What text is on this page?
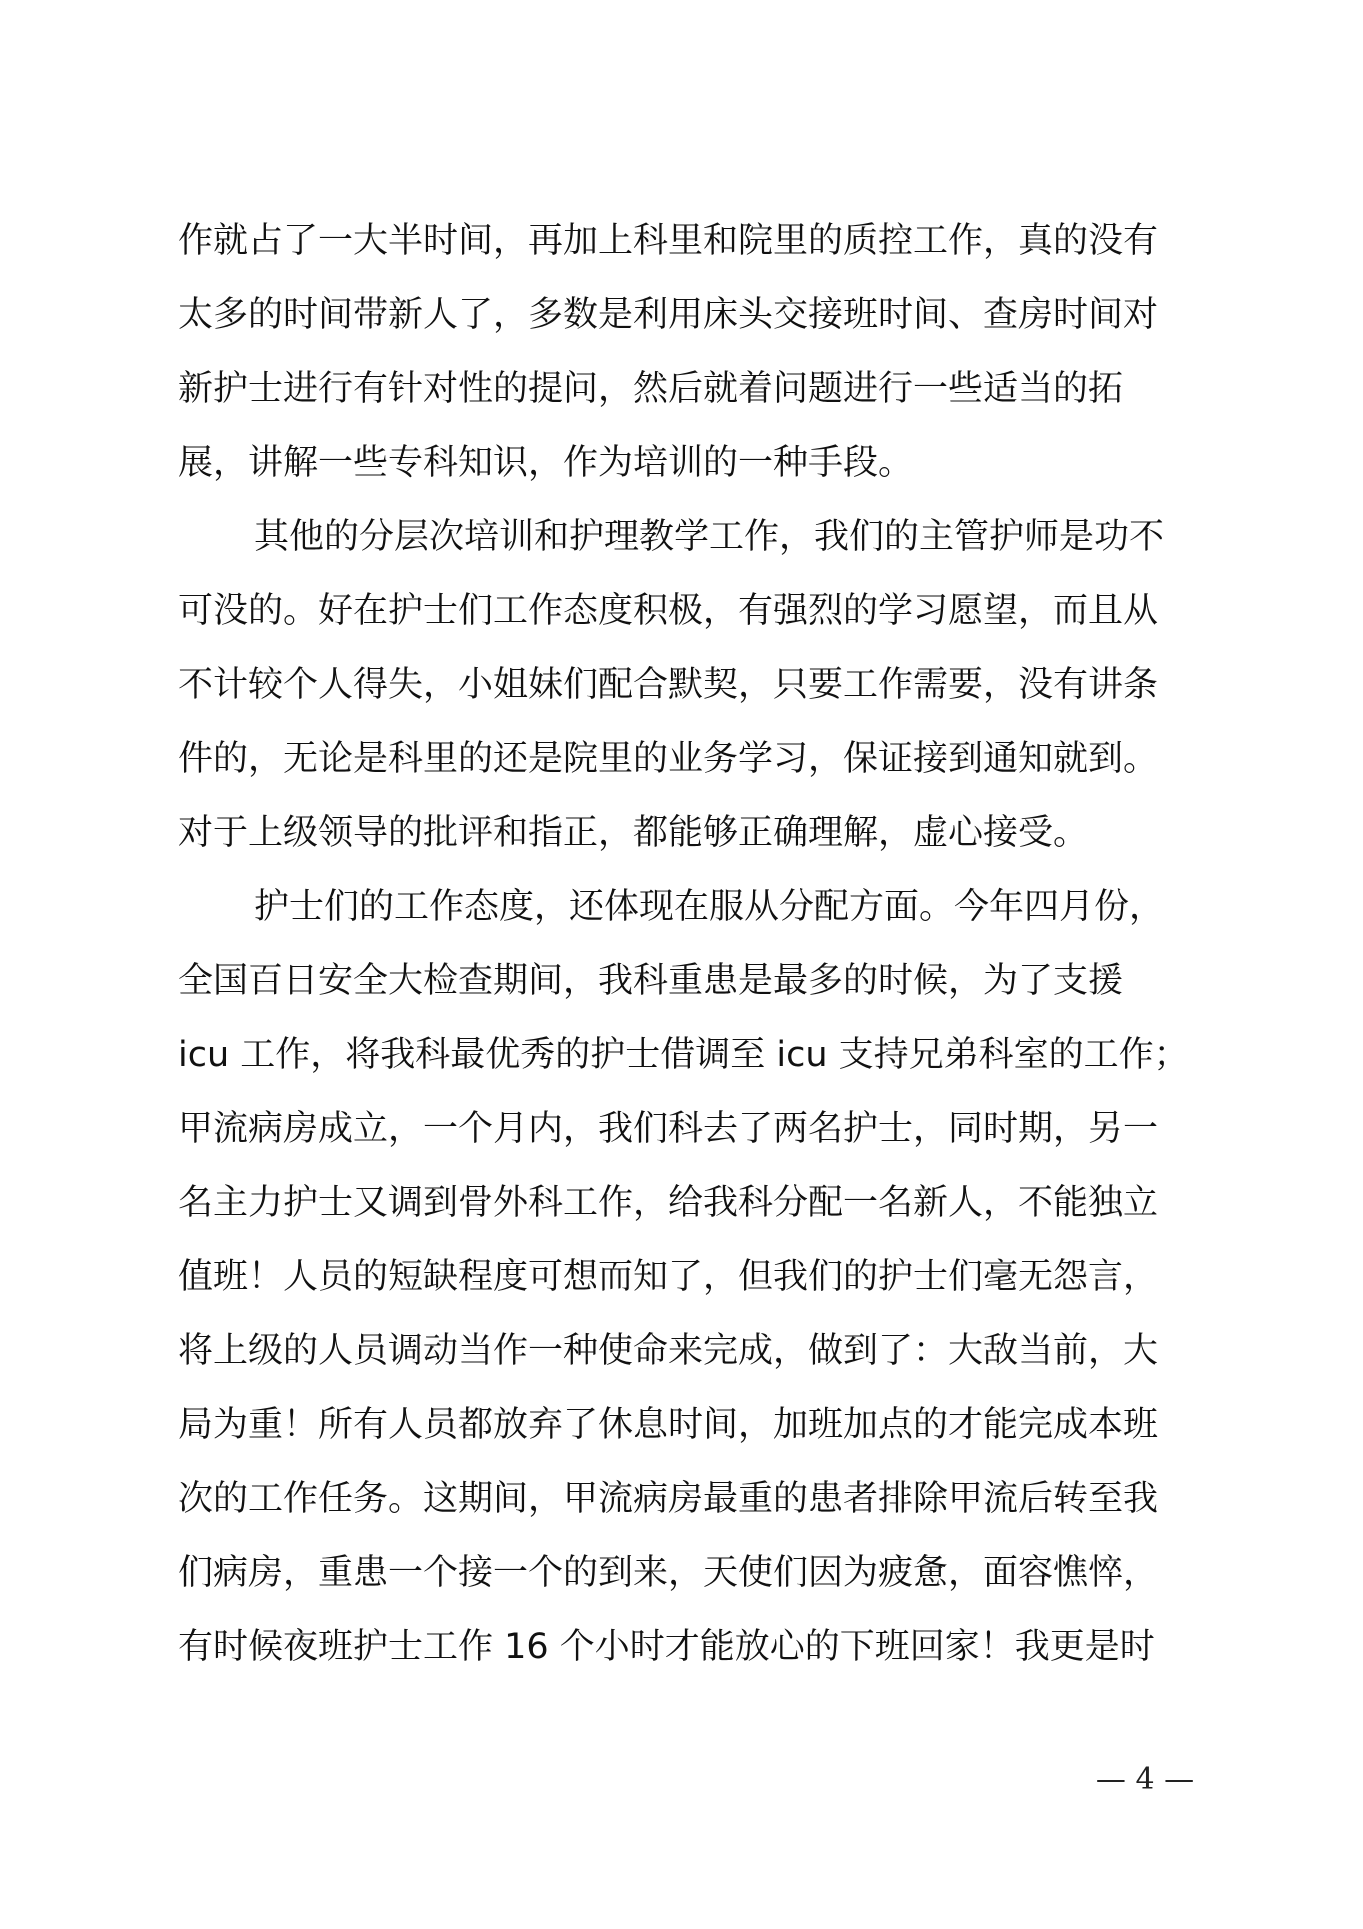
作就占了一大半时间，再加上科里和院里的质控工作，真的没有
太多的时间带新人了，多数是利用床头交接班时间、查房时间对
新护士进行有针对性的提问，然后就着问题进行一些适当的拓
展，讲解一些专科知识，作为培训的一种手段。
其他的分层次培训和护理教学工作，我们的主管护师是功不
可没的。好在护士们工作态度积极，有强烈的学习愿望，而且从
不计较个人得失，小姐妹们配合默契，只要工作需要，没有讲条
件的，无论是科里的还是院里的业务学习，保证接到通知就到。
对于上级领导的批评和指正，都能够正确理解，虚心接受。
护士们的工作态度，还体现在服从分配方面。今年四月份，
全国百日安全大检查期间，我科重患是最多的时候，为了支援
icu 工作，将我科最优秀的护士借调至 icu 支持兄弟科室的工作；
甲流病房成立，一个月内，我们科去了两名护士，同时期，另一
名主力护士又调到骨外科工作，给我科分配一名新人，不能独立
值班！人员的短缺程度可想而知了，但我们的护士们毫无怨言，
将上级的人员调动当作一种使命来完成，做到了：大敌当前，大
局为重！所有人员都放弃了休息时间，加班加点的才能完成本班
次的工作任务。这期间，甲流病房最重的患者排除甲流后转至我
们病房，重患一个接一个的到来，天使们因为疲惫，面容憔悴，
有时候夜班护士工作 16 个小时才能放心的下班回家！我更是时
— 4 —
